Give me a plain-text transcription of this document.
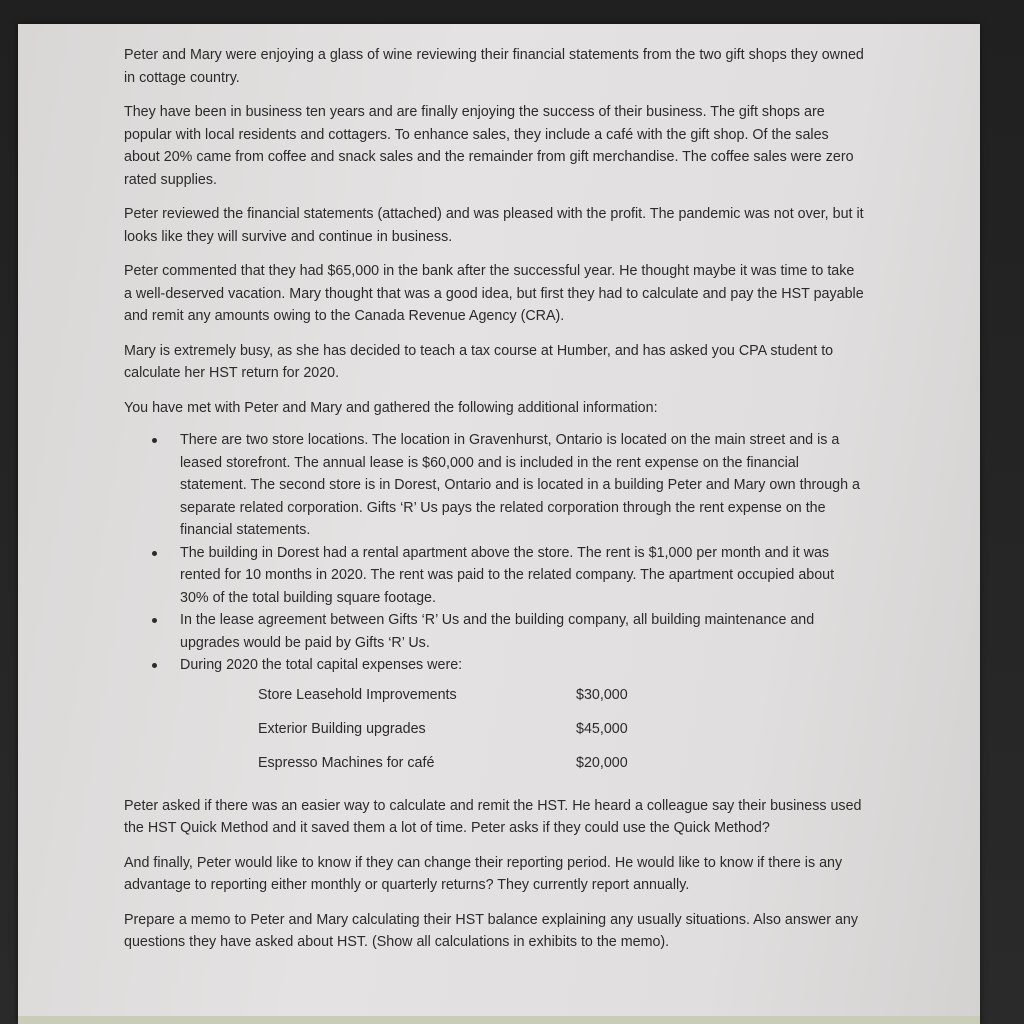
Peter and Mary were enjoying a glass of wine reviewing their financial statements from the two gift shops they owned in cottage country.

They have been in business ten years and are finally enjoying the success of their business. The gift shops are popular with local residents and cottagers. To enhance sales, they include a café with the gift shop. Of the sales about 20% came from coffee and snack sales and the remainder from gift merchandise. The coffee sales were zero rated supplies.

Peter reviewed the financial statements (attached) and was pleased with the profit. The pandemic was not over, but it looks like they will survive and continue in business.

Peter commented that they had $65,000 in the bank after the successful year. He thought maybe it was time to take a well-deserved vacation. Mary thought that was a good idea, but first they had to calculate and pay the HST payable and remit any amounts owing to the Canada Revenue Agency (CRA).

Mary is extremely busy, as she has decided to teach a tax course at Humber, and has asked you CPA student to calculate her HST return for 2020.

You have met with Peter and Mary and gathered the following additional information:

There are two store locations. The location in Gravenhurst, Ontario is located on the main street and is a leased storefront. The annual lease is $60,000 and is included in the rent expense on the financial statement. The second store is in Dorest, Ontario and is located in a building Peter and Mary own through a separate related corporation. Gifts ‘R’ Us pays the related corporation through the rent expense on the financial statements.
The building in Dorest had a rental apartment above the store. The rent is $1,000 per month and it was rented for 10 months in 2020. The rent was paid to the related company. The apartment occupied about 30% of the total building square footage.
In the lease agreement between Gifts ‘R’ Us and the building company, all building maintenance and upgrades would be paid by Gifts ‘R’ Us.
During 2020 the total capital expenses were:
Store Leasehold Improvements	$30,000
Exterior Building upgrades	$45,000
Espresso Machines for café	$20,000

Peter asked if there was an easier way to calculate and remit the HST. He heard a colleague say their business used the HST Quick Method and it saved them a lot of time. Peter asks if they could use the Quick Method?

And finally, Peter would like to know if they can change their reporting period. He would like to know if there is any advantage to reporting either monthly or quarterly returns? They currently report annually.

Prepare a memo to Peter and Mary calculating their HST balance explaining any usually situations. Also answer any questions they have asked about HST. (Show all calculations in exhibits to the memo).
